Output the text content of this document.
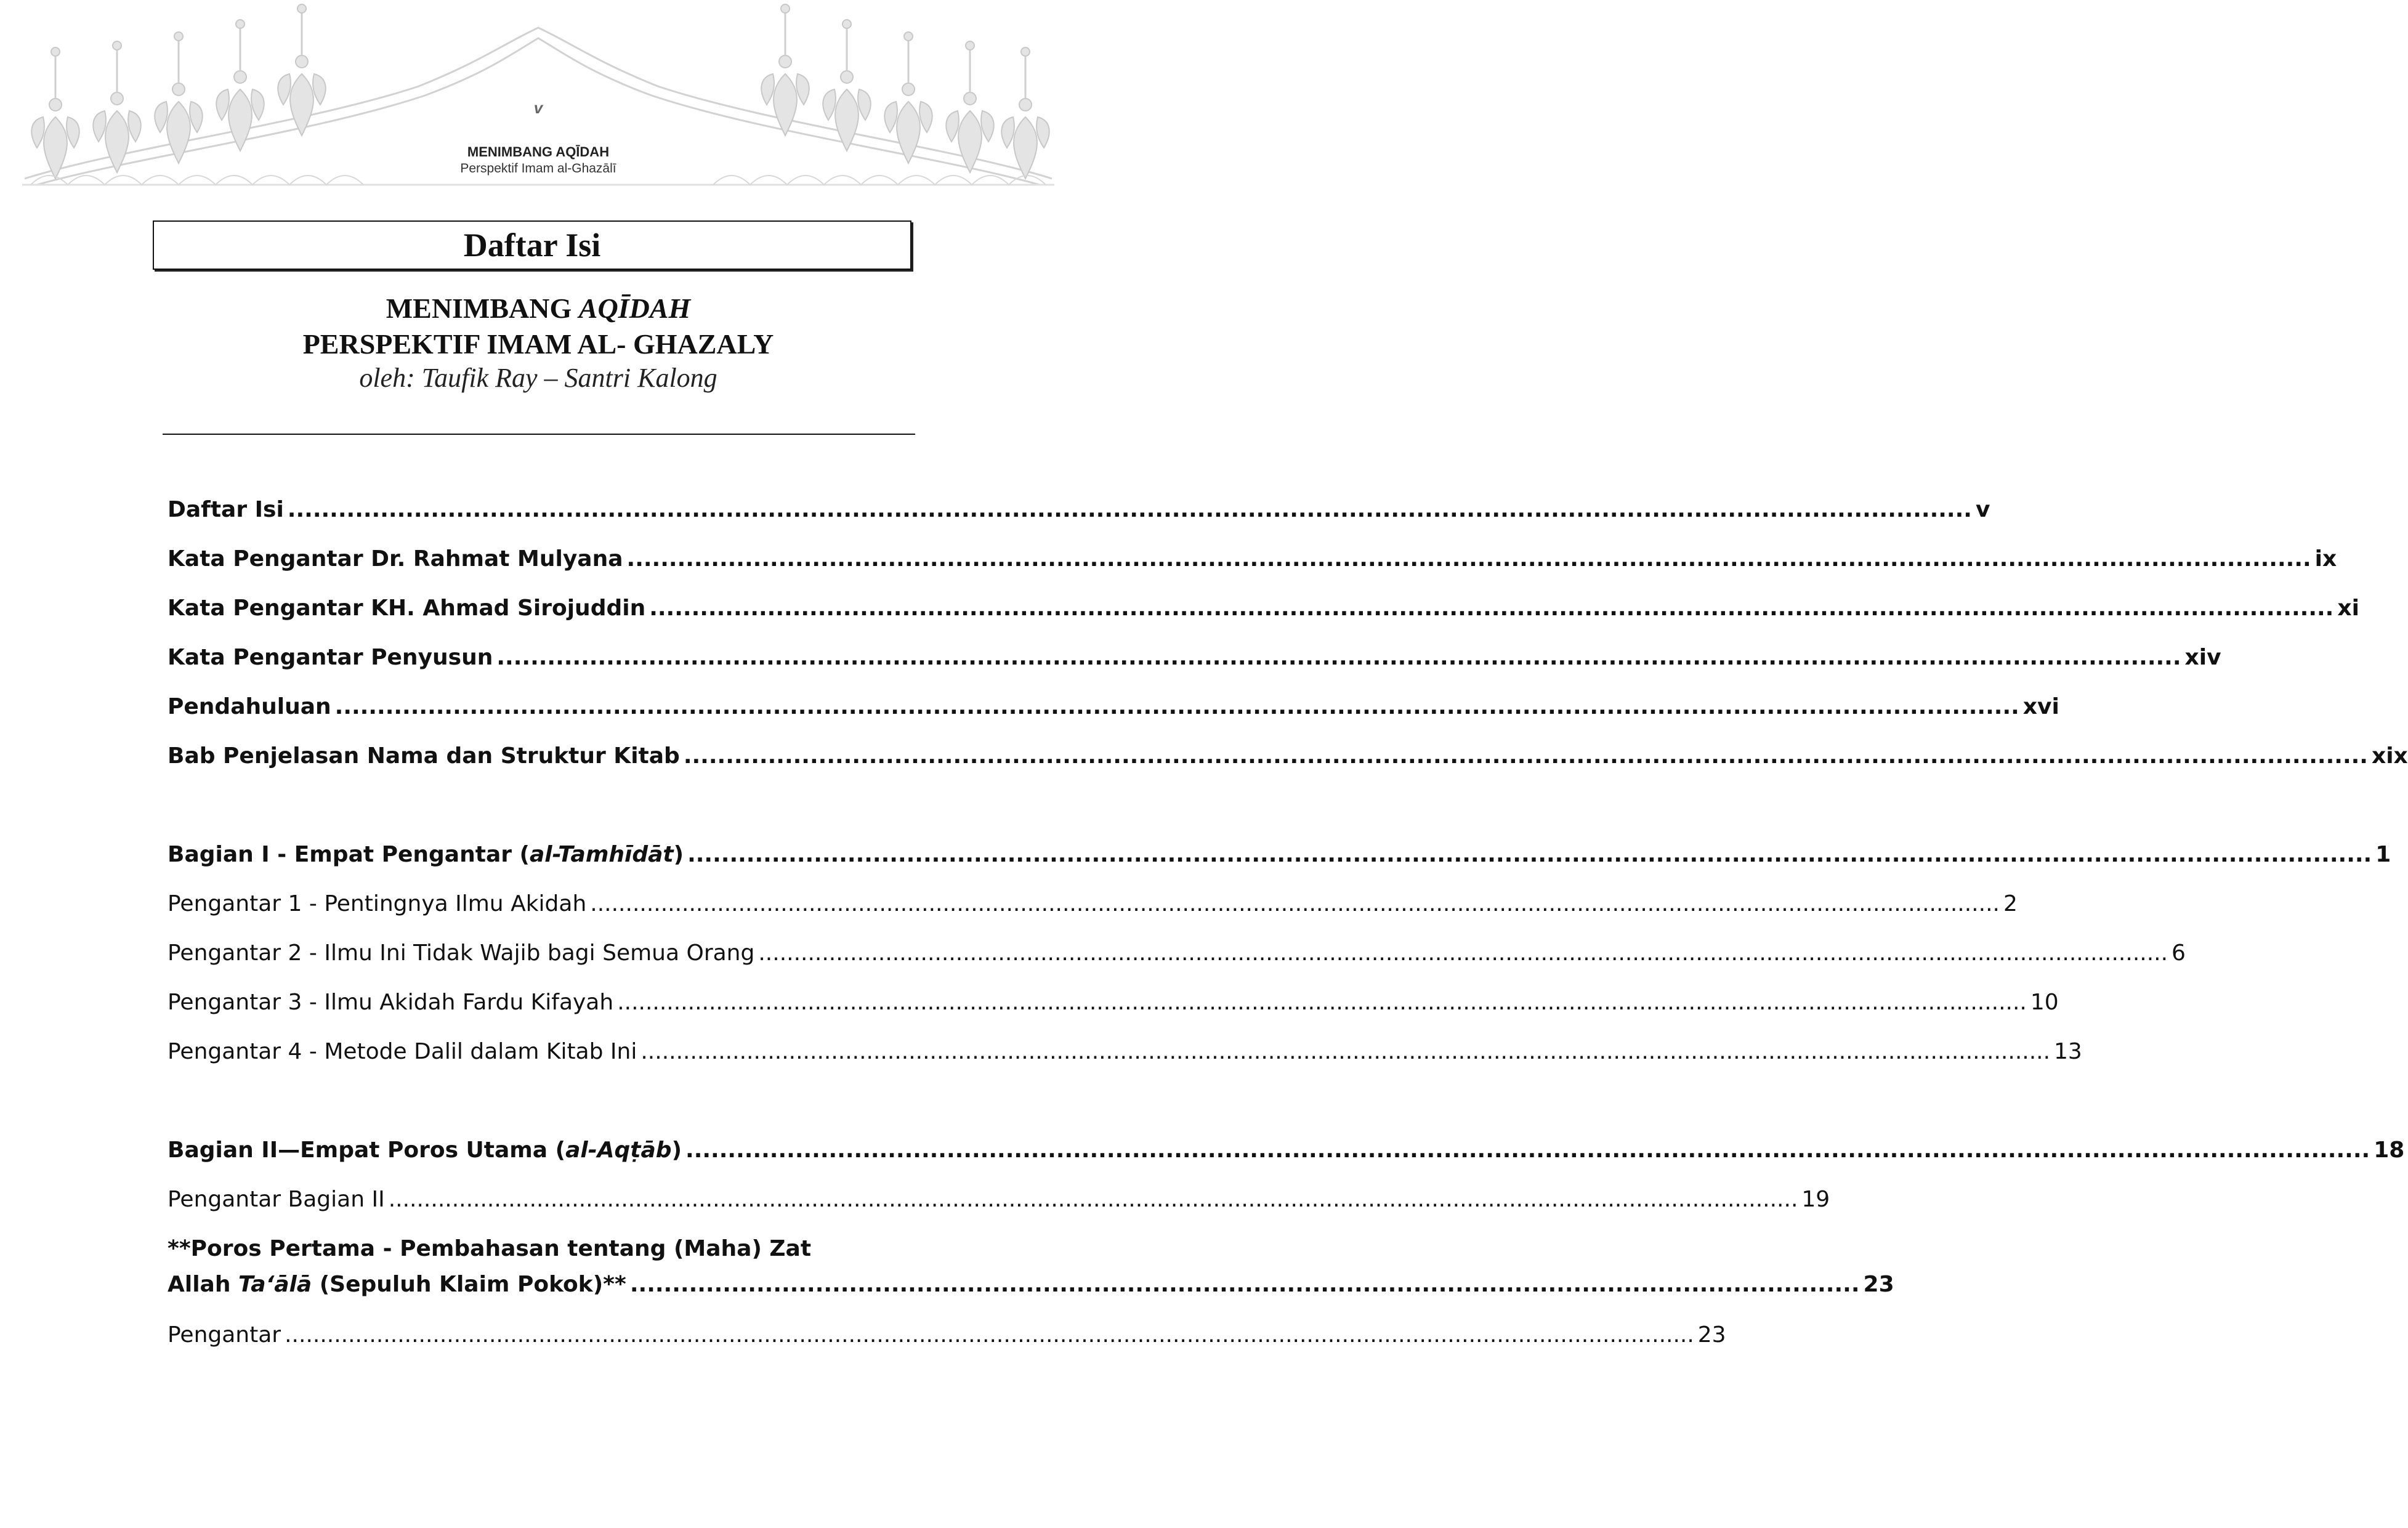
v
MENIMBANG AQĪDAH
Perspektif Imam al-Ghazālī
Daftar Isi
MENIMBANG AQĪDAH
PERSPEKTIF IMAM AL- GHAZALY
oleh: Taufik Ray – Santri Kalong
Daftar Isi .....	v
Kata Pengantar Dr. Rahmat Mulyana .....	ix
Kata Pengantar KH. Ahmad Sirojuddin .....	xi
Kata Pengantar Penyusun .....	xiv
Pendahuluan .....	xvi
Bab Penjelasan Nama dan Struktur Kitab .....	xix
Bagian I - Empat Pengantar (al-Tamhīdāt) .....	1
Pengantar 1 - Pentingnya Ilmu Akidah .....	2
Pengantar 2 - Ilmu Ini Tidak Wajib bagi Semua Orang .....	6
Pengantar 3 - Ilmu Akidah Fardu Kifayah .....	10
Pengantar 4 - Metode Dalil dalam Kitab Ini .....	13
Bagian II—Empat Poros Utama (al-Aqṭāb) .....	18
Pengantar Bagian II .....	19
**Poros Pertama - Pembahasan tentang (Maha) Zat
Allah Ta‘ālā (Sepuluh Klaim Pokok)** .................................................................................................................................................. 23
Pengantar .....	23
